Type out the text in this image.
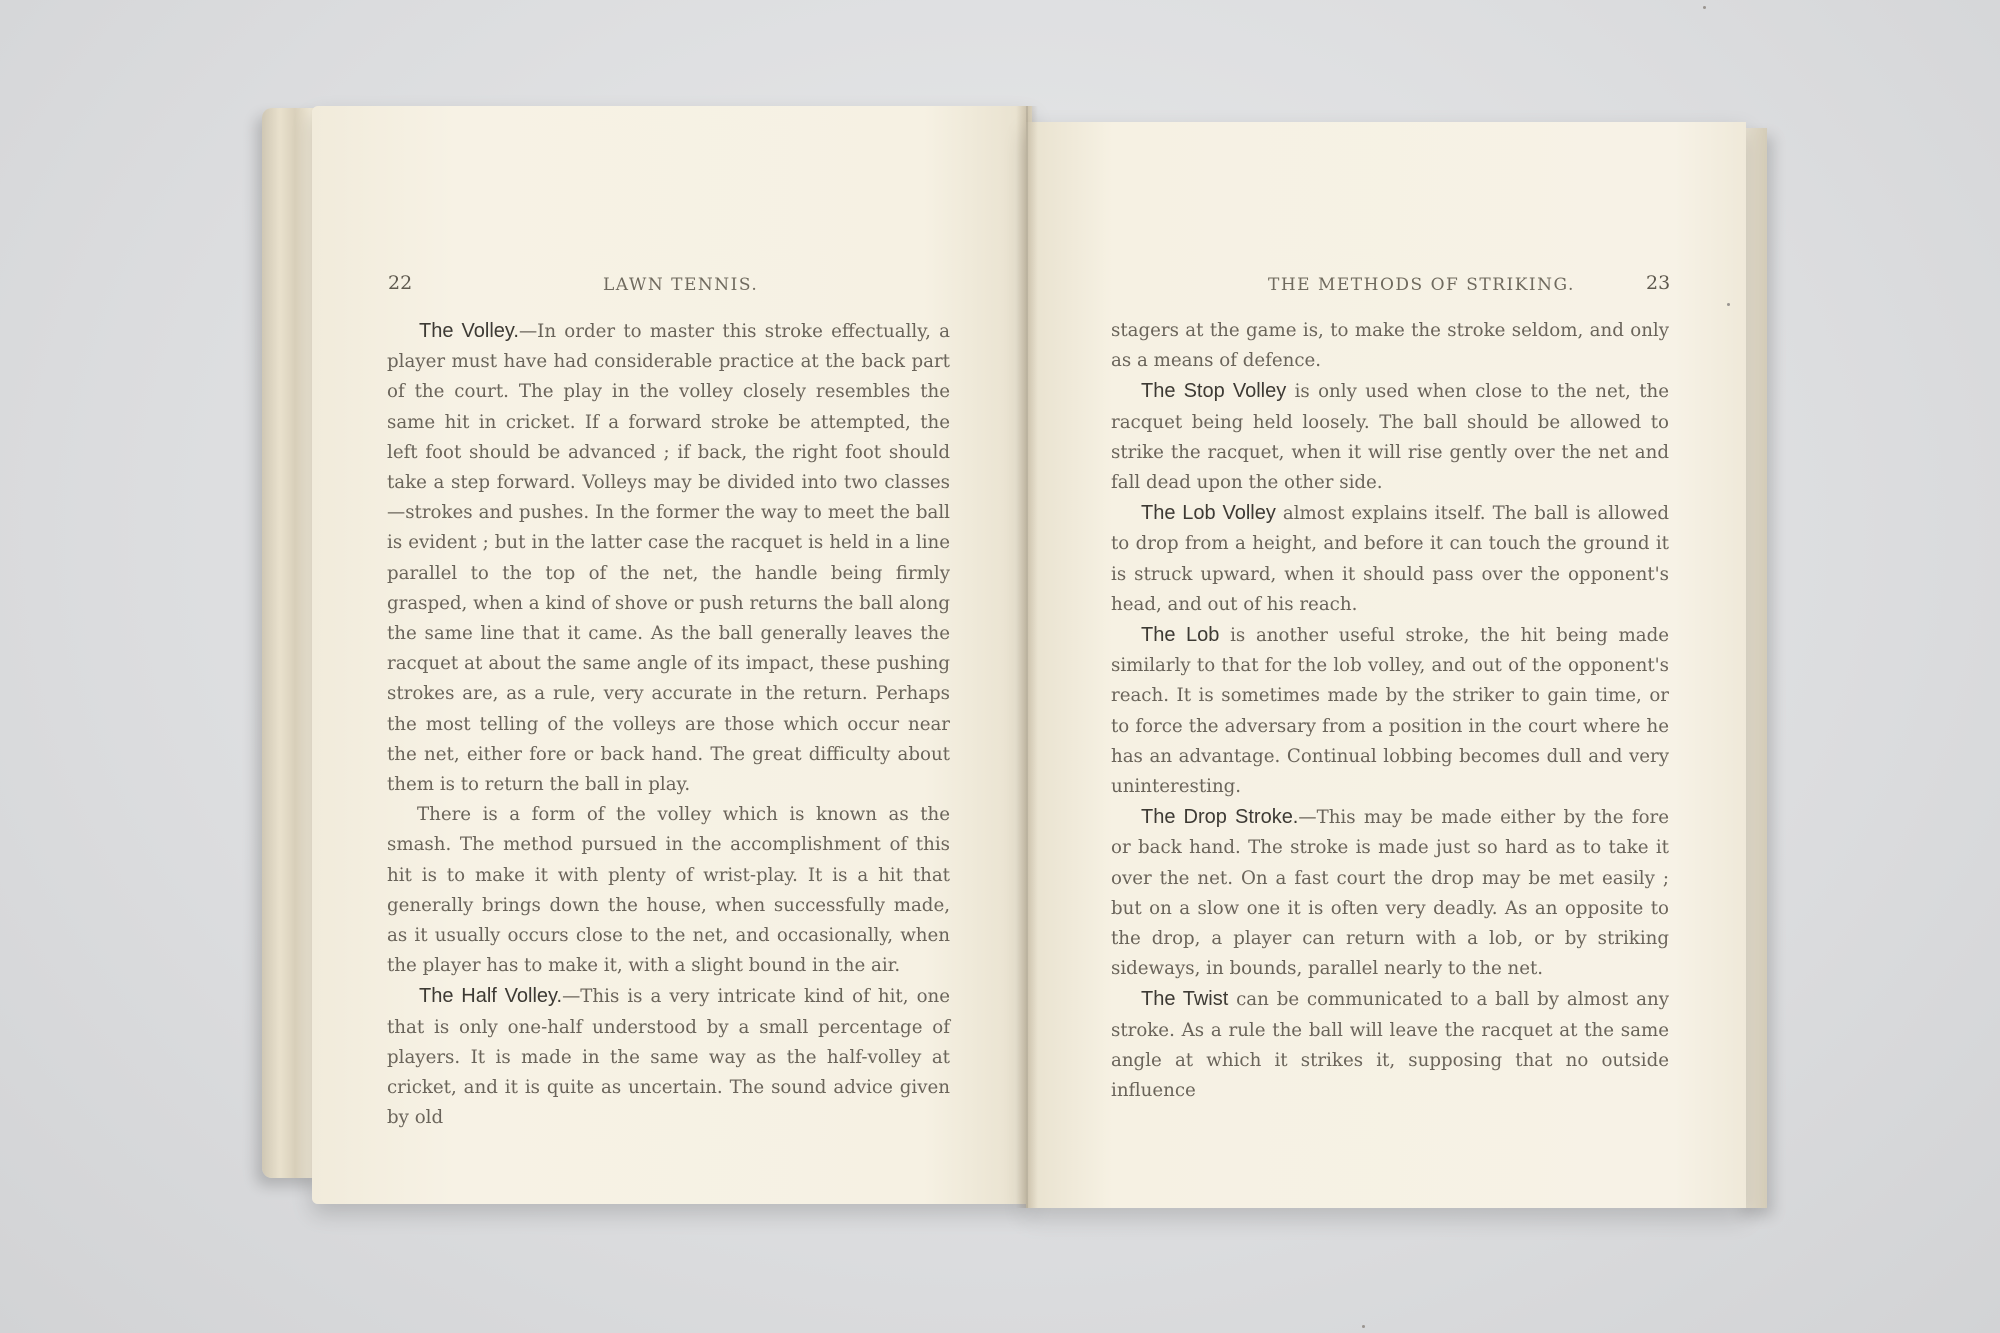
22	LAWN TENNIS.

The Volley.—In order to master this stroke effectually, a player must have had considerable practice at the back part of the court. The play in the volley closely resembles the same hit in cricket. If a forward stroke be attempted, the left foot should be advanced ; if back, the right foot should take a step forward. Volleys may be divided into two classes—strokes and pushes. In the former the way to meet the ball is evident ; but in the latter case the racquet is held in a line parallel to the top of the net, the handle being firmly grasped, when a kind of shove or push returns the ball along the same line that it came. As the ball generally leaves the racquet at about the same angle of its impact, these pushing strokes are, as a rule, very accurate in the return. Perhaps the most telling of the volleys are those which occur near the net, either fore or back hand. The great difficulty about them is to return the ball in play.

There is a form of the volley which is known as the smash. The method pursued in the accomplishment of this hit is to make it with plenty of wrist-play. It is a hit that generally brings down the house, when successfully made, as it usually occurs close to the net, and occasionally, when the player has to make it, with a slight bound in the air.

The Half Volley.—This is a very intricate kind of hit, one that is only one-half understood by a small percentage of players. It is made in the same way as the half-volley at cricket, and it is quite as uncertain. The sound advice given by old

THE METHODS OF STRIKING.	23

stagers at the game is, to make the stroke seldom, and only as a means of defence.

The Stop Volley is only used when close to the net, the racquet being held loosely. The ball should be allowed to strike the racquet, when it will rise gently over the net and fall dead upon the other side.

The Lob Volley almost explains itself. The ball is allowed to drop from a height, and before it can touch the ground it is struck upward, when it should pass over the opponent's head, and out of his reach.

The Lob is another useful stroke, the hit being made similarly to that for the lob volley, and out of the opponent's reach. It is sometimes made by the striker to gain time, or to force the adversary from a position in the court where he has an advantage. Continual lobbing becomes dull and very uninteresting.

The Drop Stroke.—This may be made either by the fore or back hand. The stroke is made just so hard as to take it over the net. On a fast court the drop may be met easily ; but on a slow one it is often very deadly. As an opposite to the drop, a player can return with a lob, or by striking sideways, in bounds, parallel nearly to the net.

The Twist can be communicated to a ball by almost any stroke. As a rule the ball will leave the racquet at the same angle at which it strikes it, supposing that no outside influence
